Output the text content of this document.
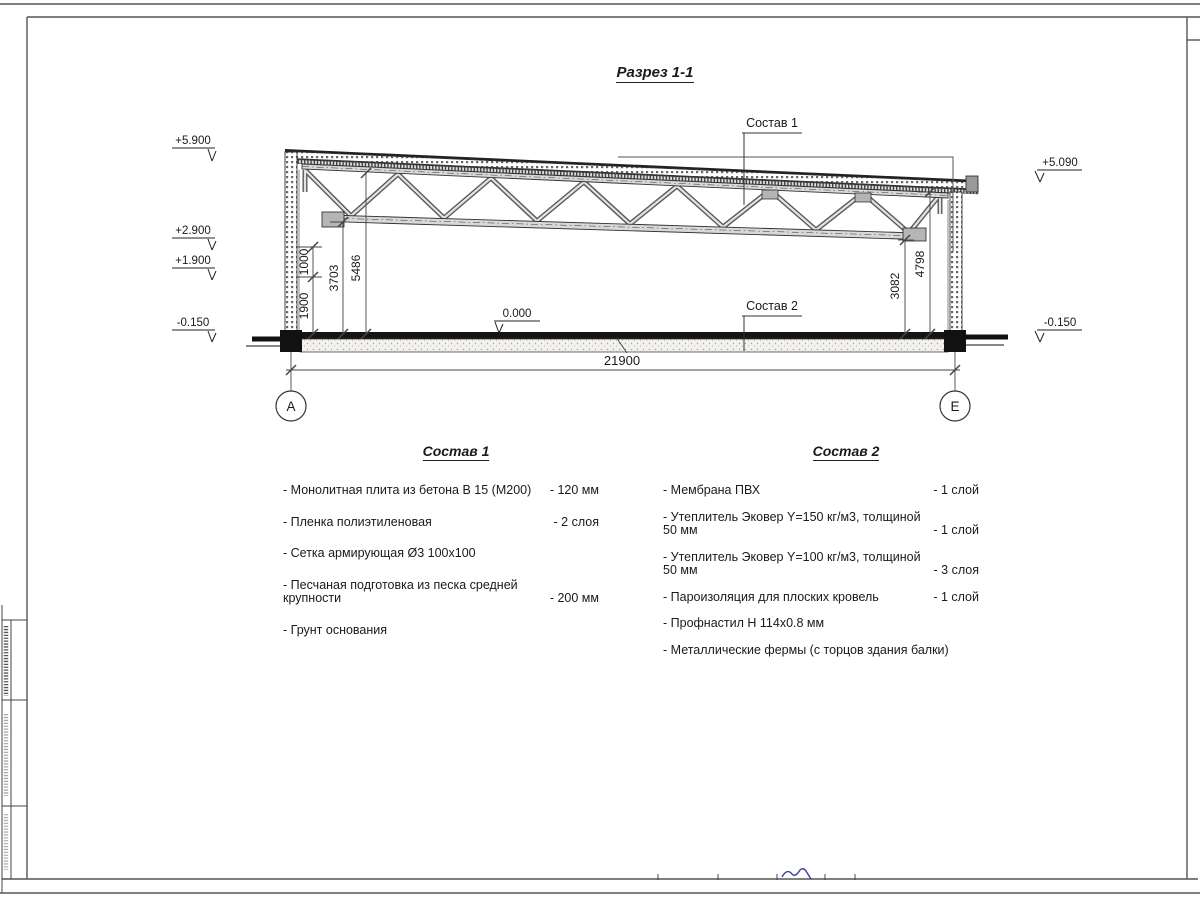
21900
1000
1900
3703 5486
3082
4798
+5.900
+2.900
+1.900
-0.150
+5.090
-0.150
0.000
Состав 1
Состав 2
А	Е
Разрез 1-1
Состав 1	Состав 2
- Монолитная плита из бетона В 15 (М200) - 120 мм
- Пленка полиэтиленовая	- 2 слоя
- Сетка армирующая Ø3 100х100
- Песчаная подготовка из песка средней крупности	- 200 мм
- Грунт основания
- Мембрана ПВХ	- 1 слой
- Утеплитель Эковер Y=150 кг/м3, толщиной 50 мм	- 1 слой
- Утеплитель Эковер Y=100 кг/м3, толщиной 50 мм	- 3 слоя
- Пароизоляция для плоских кровель	- 1 слой
- Профнастил Н 114х0.8 мм
- Металлические фермы (с торцов здания балки)
